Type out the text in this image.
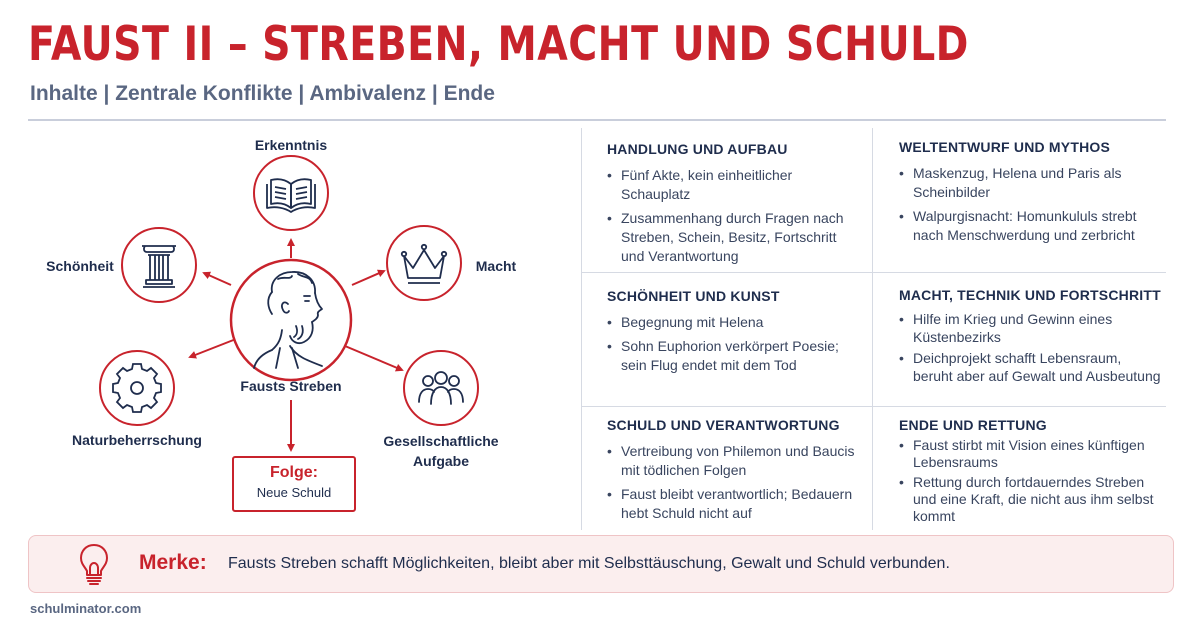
FAUST II – STREBEN, MACHT UND SCHULD
Inhalte | Zentrale Konflikte | Ambivalenz | Ende
Erkenntnis
Macht
Schönheit
Naturbeherrschung	Gesellschaftliche Aufgabe
Fausts Streben
Folge:
Neue Schuld
HANDLUNG UND AUFBAU
• Fünf Akte, kein einheitlicher Schauplatz
• Zusammenhang durch Fragen nach Streben, Schein, Besitz, Fortschritt und Verantwortung
WELTENTWURF UND MYTHOS
• Maskenzug, Helena und Paris als Scheinbilder
• Walpurgisnacht: Homunkululs strebt nach Menschwerdung und zerbricht
SCHÖNHEIT UND KUNST
• Begegnung mit Helena
• Sohn Euphorion verkörpert Poesie; sein Flug endet mit dem Tod
MACHT, TECHNIK UND FORTSCHRITT
• Hilfe im Krieg und Gewinn eines Küstenbezirks
• Deichprojekt schafft Lebensraum, beruht aber auf Gewalt und Ausbeutung
SCHULD UND VERANTWORTUNG
• Vertreibung von Philemon und Baucis mit tödlichen Folgen
• Faust bleibt verantwortlich; Bedauern hebt Schuld nicht auf
ENDE UND RETTUNG
• Faust stirbt mit Vision eines künftigen Lebensraums
• Rettung durch fortdauerndes Streben und eine Kraft, die nicht aus ihm selbst kommt
Merke: Fausts Streben schafft Möglichkeiten, bleibt aber mit Selbsttäuschung, Gewalt und Schuld verbunden.
schulminator.com
